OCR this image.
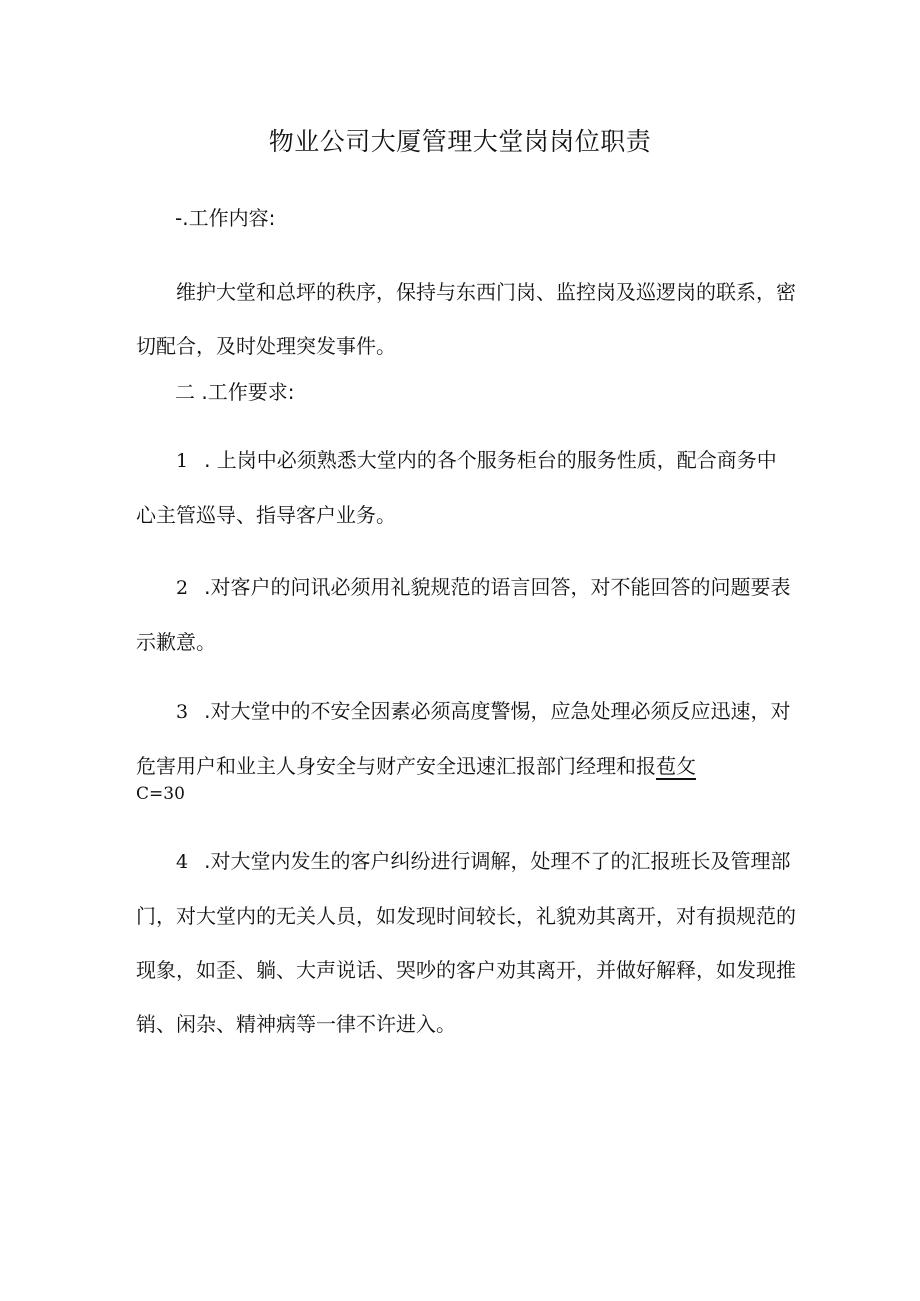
物业公司大厦管理大堂岗岗位职责
-.工作内容:
维护大堂和总坪的秩序，保持与东西门岗、监控岗及巡逻岗的联系，密切配合，及时处理突发事件。
二 .工作要求:
1 . 上岗中必须熟悉大堂内的各个服务柜台的服务性质，配合商务中心主管巡导、指导客户业务。
2 .对客户的问讯必须用礼貌规范的语言回答，对不能回答的问题要表示歉意。
3 .对大堂中的不安全因素必须高度警惕，应急处理必须反应迅速，对危害用户和业主人身安全与财产安全迅速汇报部门经理和报苞攵
C=30
4 .对大堂内发生的客户纠纷进行调解，处理不了的汇报班长及管理部门，对大堂内的无关人员，如发现时间较长，礼貌劝其离开，对有损规范的现象，如歪、躺、大声说话、哭吵的客户劝其离开，并做好解释，如发现推销、闲杂、精神病等一律不许进入。
